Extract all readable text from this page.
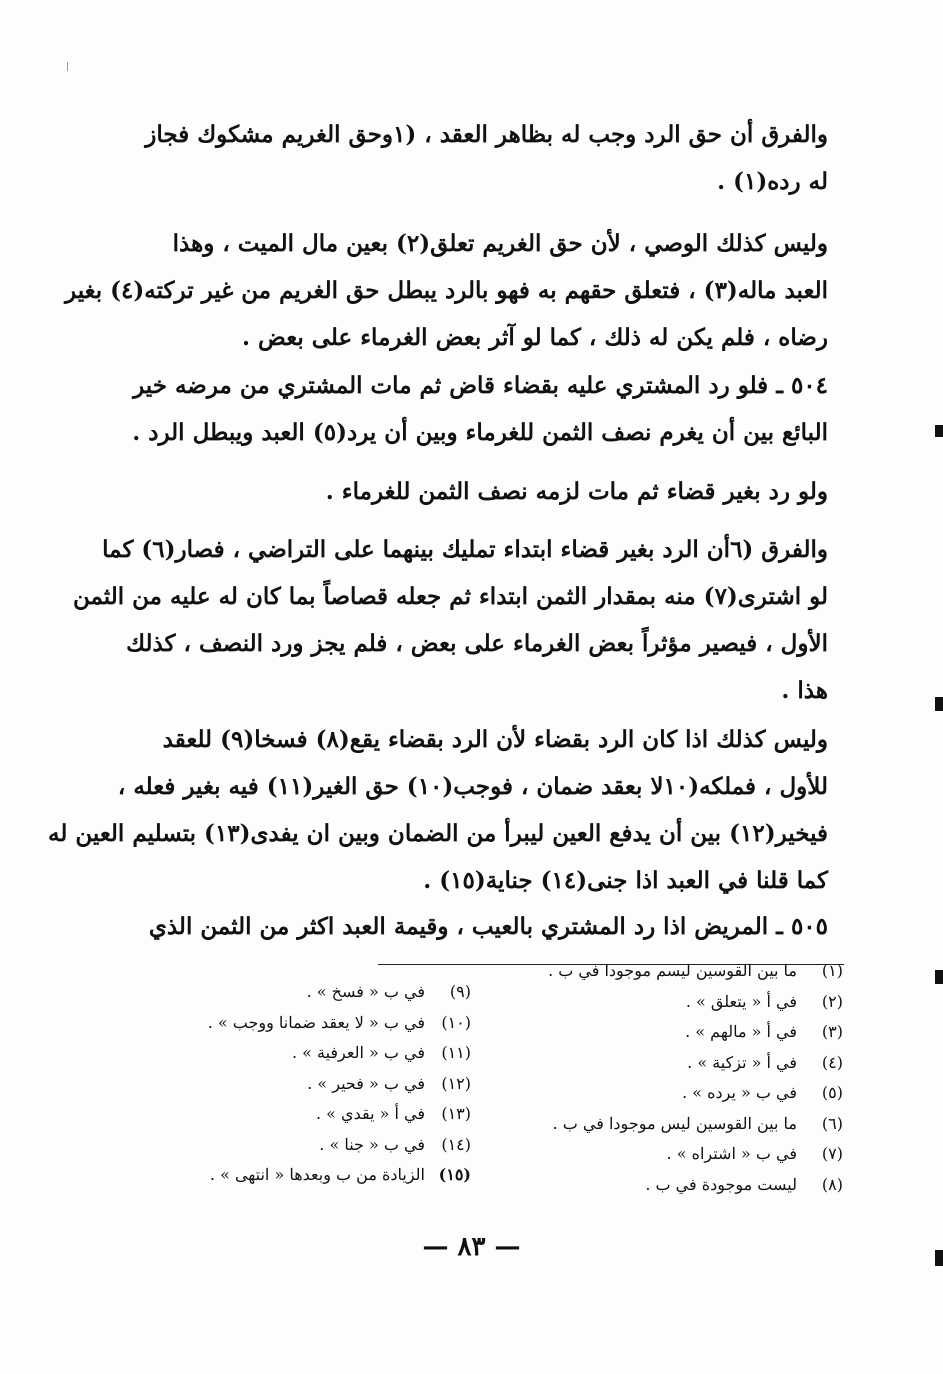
والفرق أن حق الرد وجب له بظاهر العقد ، (١وحق الغريم مشكوك فجاز
له رده(١) .
وليس كذلك الوصي ، لأن حق الغريم تعلق(٢) بعين مال الميت ، وهذا
العبد ماله(٣) ، فتعلق حقهم به فهو بالرد يبطل حق الغريم من غير تركته(٤) بغير
رضاه ، فلم يكن له ذلك ، كما لو آثر بعض الغرماء على بعض .
٥٠٤ ـ فلو رد المشتري عليه بقضاء قاض ثم مات المشتري من مرضه خير
البائع بين أن يغرم نصف الثمن للغرماء وبين أن يرد(٥) العبد ويبطل الرد .
ولو رد بغير قضاء ثم مات لزمه نصف الثمن للغرماء .
والفرق (٦أن الرد بغير قضاء ابتداء تمليك بينهما على التراضي ، فصار(٦) كما
لو اشترى(٧) منه بمقدار الثمن ابتداء ثم جعله قصاصاً بما كان له عليه من الثمن
الأول ، فيصير مؤثراً بعض الغرماء على بعض ، فلم يجز ورد النصف ، كذلك
هذا .
وليس كذلك اذا كان الرد بقضاء لأن الرد بقضاء يقع(٨) فسخا(٩) للعقد
للأول ، فملكه(١٠لا بعقد ضمان ، فوجب(١٠) حق الغير(١١) فيه بغير فعله ،
فيخير(١٢) بين أن يدفع العين ليبرأ من الضمان وبين ان يفدى(١٣) بتسليم العين له
كما قلنا في العبد اذا جنى(١٤) جناية(١٥) .
٥٠٥ ـ المريض اذا رد المشتري بالعيب ، وقيمة العبد اكثر من الثمن الذي
(١)
ما بين القوسين ليسم موجودا في ب .
(٢)
في أ « يتعلق » .
(٣)
في أ « مالهم » .
(٤)
في أ « تزكية » .
(٥)
في ب « يرده » .
(٦)
ما بين القوسين ليس موجودا في ب .
(٧)
في ب « اشتراه » .
(٨)
ليست موجودة في ب .
(٩)
في ب « فسخ » .
(١٠)
في ب « لا يعقد ضمانا ووجب » .
(١١)
في ب « العرفية » .
(١٢)
في ب « فحير » .
(١٣)
في أ « يقدي » .
(١٤)
في ب « جنا » .
(١٥)
الزيادة من ب وبعدها « انتهى » .
— ٨٣ —
